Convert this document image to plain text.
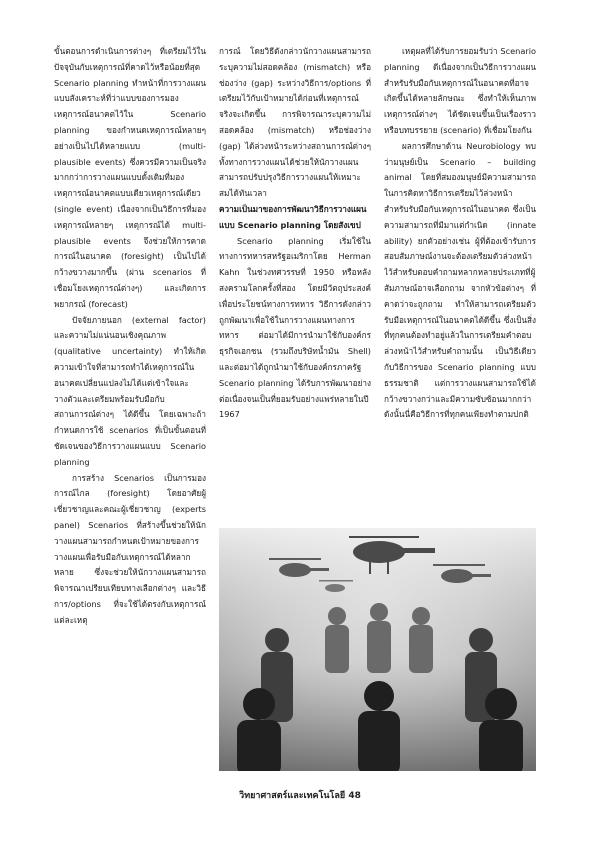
ขั้นตอนการดำเนินการต่างๆ ที่เตรียมไว้ในปัจจุบันกับเหตุการณ์ที่คาดไว้หรือน้อยที่สุด Scenario planning ทำหน้าที่การวางแผนแบบสังเคราะห์ที่ว่าแบบของการมองเหตุการณ์อนาคตไว้ใน Scenario planning ของกำหนดเหตุการณ์หลายๆ อย่างเป็นไปได้หลายแบบ (multi-plausible events) ซึ่งควรมีความเป็นจริงมากกว่าการวางแผนแบบดั้งเดิมที่มองเหตุการณ์อนาคตแบบเดียวเหตุการณ์เดียว (single event) เนื่องจากเป็นวิธีการที่มองเหตุการณ์หลายๆ เหตุการณ์ได้ multi-plausible events จึงช่วยให้การคาดการณ์ในอนาคต (foresight) เป็นไปได้กว้างขวางมากขึ้น (ผ่าน scenarios ที่เชื่อมโยงเหตุการณ์ต่างๆ) และเกิดการพยากรณ์ (forecast)

ปัจจัยภายนอก (external factor) และความไม่แน่นอนเชิงคุณภาพ (qualitative uncertainty) ทำให้เกิดความเข้าใจที่สามารถทำได้เหตุการณ์ในอนาคตเปลี่ยนแปลงไม่ได้แต่เข้าใจและวางตัวและเตรียมพร้อมรับมือกับสถานการณ์ต่างๆ ได้ดีขึ้น โดยเฉพาะถ้ากำหนดการใช้ scenarios ที่เป็นขั้นตอนที่ชัดเจนของวิธีการวางแผนแบบ Scenario planning

การสร้าง Scenarios เป็นการมองการณ์ไกล (foresight) โดยอาศัยผู้เชี่ยวชาญและคณะผู้เชี่ยวชาญ (experts panel) Scenarios ที่สร้างขึ้นช่วยให้นักวางแผนสามารถกำหนดเป้าหมายของการวางแผนเพื่อรับมือกับเหตุการณ์ได้หลากหลาย ซึ่งจะช่วยให้นักวางแผนสามารถพิจารณาเปรียบเทียบทางเลือกต่างๆ และวิธีการ/options ที่จะใช้ได้ตรงกับเหตุการณ์แต่ละเหตุ

การณ์ โดยวิธีดังกล่าวนักวางแผนสามารถระบุความไม่สอดคล้อง (mismatch) หรือช่องว่าง (gap) ระหว่างวิธีการ/options ที่เตรียมไว้กับเป้าหมายได้ก่อนที่เหตุการณ์จริงจะเกิดขึ้น การพิจารณาระบุความไม่สอดคล้อง (mismatch) หรือช่องว่าง (gap) ได้ล่วงหน้าระหว่างสถานการณ์ต่างๆ ทั้งทางการวางแผนได้ช่วยให้นักวางแผนสามารถปรับปรุงวิธีการวางแผนให้เหมาะสมได้ทันเวลา

ความเป็นมาของการพัฒนาวิธีการวางแผนแบบ Scenario planning โดยสังเขป

Scenario planning เริ่มใช้ในทางการทหารสหรัฐอเมริกาโดย Herman Kahn ในช่วงทศวรรษที่ 1950 หรือหลังสงครามโลกครั้งที่สอง โดยมีวัตถุประสงค์เพื่อประโยชน์ทางการทหาร วิธีการดังกล่าวถูกพัฒนาเพื่อใช้ในการวางแผนทางการทหาร ต่อมาได้มีการนำมาใช้กับองค์กรธุรกิจเอกชน (รวมถึงบริษัทน้ำมัน Shell) และต่อมาได้ถูกนำมาใช้กับองค์กรภาครัฐ Scenario planning ได้รับการพัฒนาอย่างต่อเนื่องจนเป็นที่ยอมรับอย่างแพร่หลายในปี 1967

เหตุผลที่ได้รับการยอมรับว่า Scenario planning ดีเนื่องจากเป็นวิธีการวางแผนสำหรับรับมือกับเหตุการณ์ในอนาคตที่อาจเกิดขึ้นได้หลายลักษณะ ซึ่งทำให้เห็นภาพเหตุการณ์ต่างๆ ได้ชัดเจนขึ้นเป็นเรื่องราวหรือบทบรรยาย (scenario) ที่เชื่อมโยงกัน

ผลการศึกษาด้าน Neurobiology พบว่ามนุษย์เป็น Scenario – building animal โดยที่สมองมนุษย์มีความสามารถในการคิดหาวิธีการเตรียมไว้ล่วงหน้า สำหรับรับมือกับเหตุการณ์ในอนาคต ซึ่งเป็นความสามารถที่มีมาแต่กำเนิด (innate ability) ยกตัวอย่างเช่น ผู้ที่ต้องเข้ารับการสอบสัมภาษณ์งานจะต้องเตรียมตัวล่วงหน้าไว้สำหรับตอบคำถามหลากหลายประเภทที่ผู้สัมภาษณ์อาจเลือกถาม จากหัวข้อต่างๆ ที่คาดว่าจะถูกถาม ทำให้สามารถเตรียมตัวรับมือเหตุการณ์ในอนาคตได้ดีขึ้น ซึ่งเป็นสิ่งที่ทุกคนต้องทำอยู่แล้วในการเตรียมคำตอบล่วงหน้าไว้สำหรับคำถามนั้น เป็นวิธีเดียวกับวิธีการของ Scenario planning แบบธรรมชาติ แต่การวางแผนสามารถใช้ได้กว้างขวางกว่าและมีความซับซ้อนมากกว่า ดังนั้นนี่คือวิธีการที่ทุกคนเพียงทำตามปกติ

วิทยาศาสตร์และเทคโนโลยี 48
